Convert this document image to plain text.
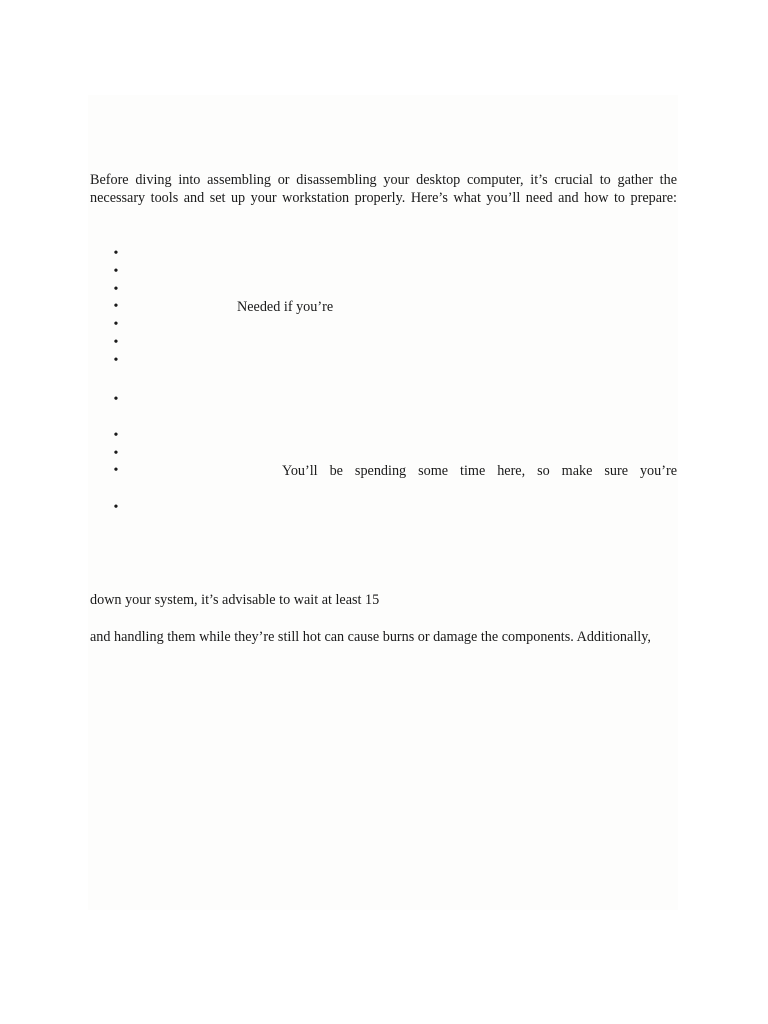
Before diving into assembling or disassembling your desktop computer, it’s crucial to gather the
necessary tools and set up your workstation properly. Here’s what you’ll need and how to prepare:

•
•
•
•	Needed if you’re
•
•
•
•
•
•
•	You’ll be spending some time here, so make sure you’re
•
down your system, it’s advisable to wait at least 15
and handling them while they’re still hot can cause burns or damage the components. Additionally,
